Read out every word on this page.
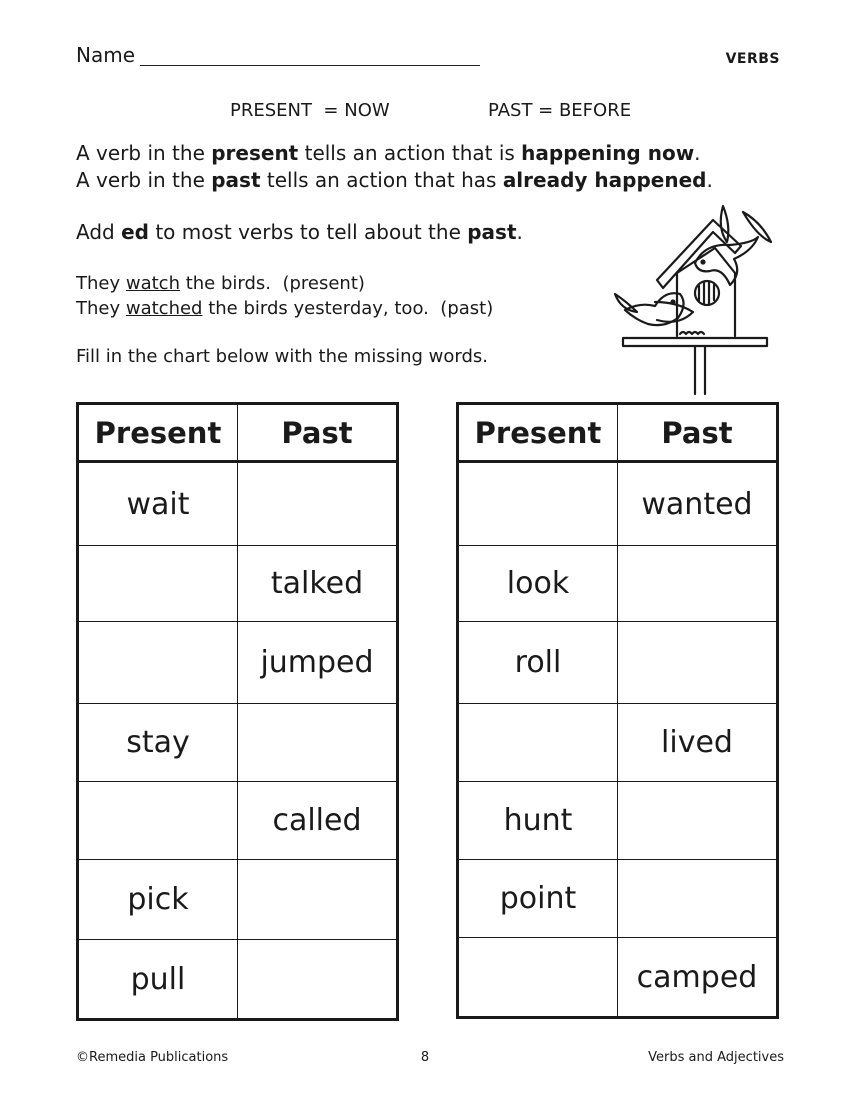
Name	VERBS
PRESENT  = NOW	PAST = BEFORE
A verb in the present tells an action that is happening now.
A verb in the past tells an action that has already happened.
Add ed to most verbs to tell about the past.
They watch the birds.  (present)
They watched the birds yesterday, too.  (past)
Fill in the chart below with the missing words.
Present	Past
wait	
	talked
	jumped
stay	
	called
pick	
pull	
Present	Past
	wanted
look	
roll	
	lived
hunt	
point	
	camped
©Remedia Publications	8	Verbs and Adjectives
